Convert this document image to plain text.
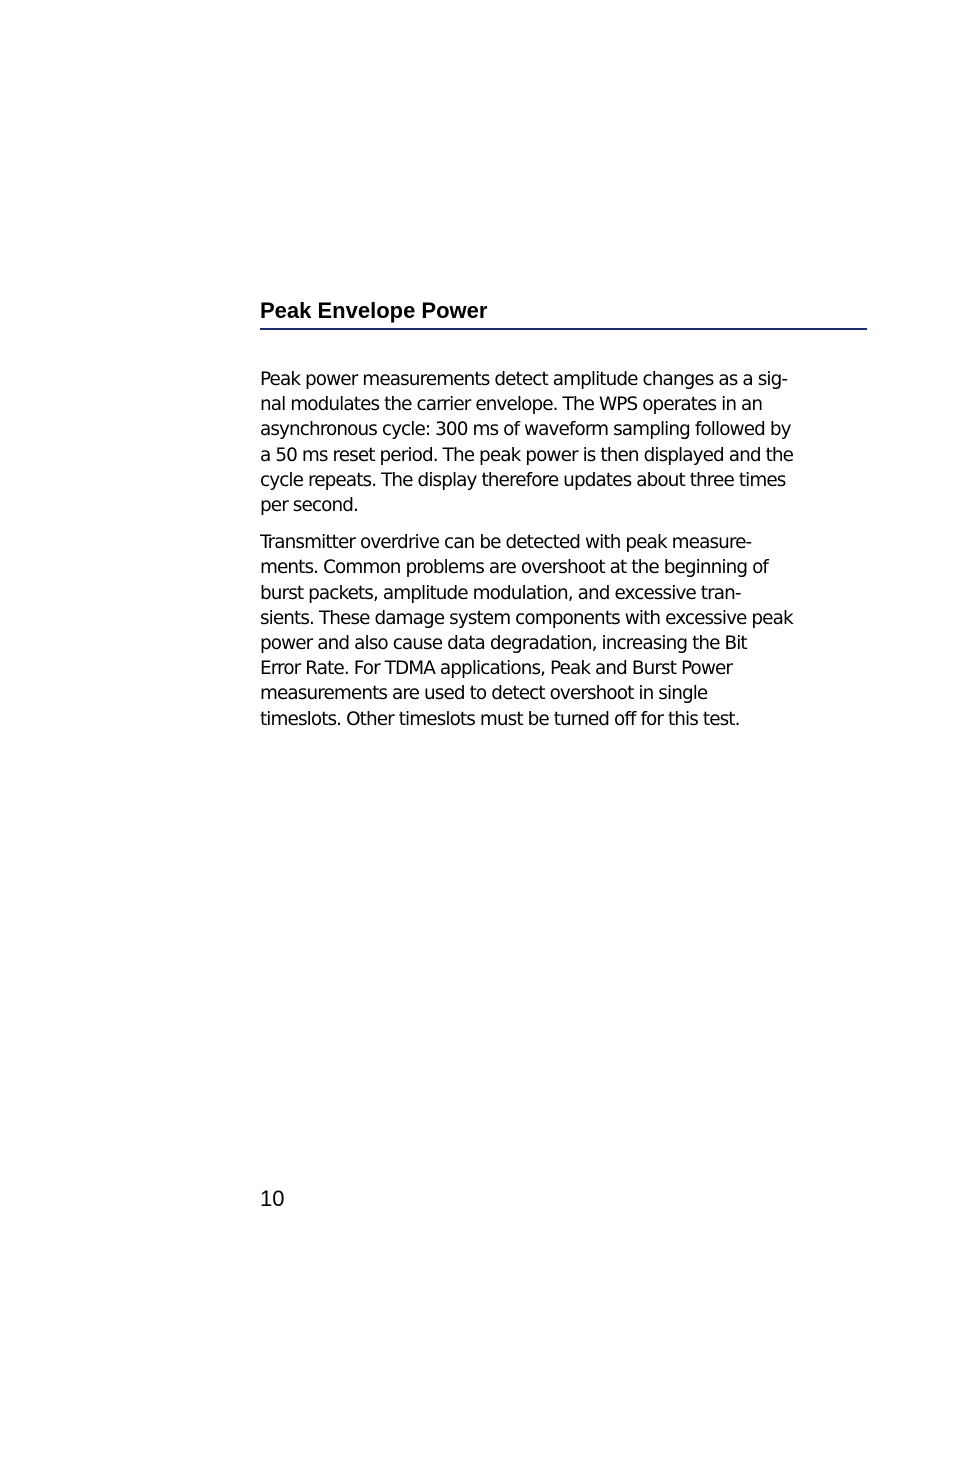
Peak Envelope Power

Peak power measurements detect amplitude changes as a sig-
nal modulates the carrier envelope. The WPS operates in an
asynchronous cycle: 300 ms of waveform sampling followed by
a 50 ms reset period. The peak power is then displayed and the
cycle repeats. The display therefore updates about three times
per second.

Transmitter overdrive can be detected with peak measure-
ments. Common problems are overshoot at the beginning of
burst packets, amplitude modulation, and excessive tran-
sients. These damage system components with excessive peak
power and also cause data degradation, increasing the Bit
Error Rate. For TDMA applications, Peak and Burst Power
measurements are used to detect overshoot in single
timeslots. Other timeslots must be turned off for this test.

10
